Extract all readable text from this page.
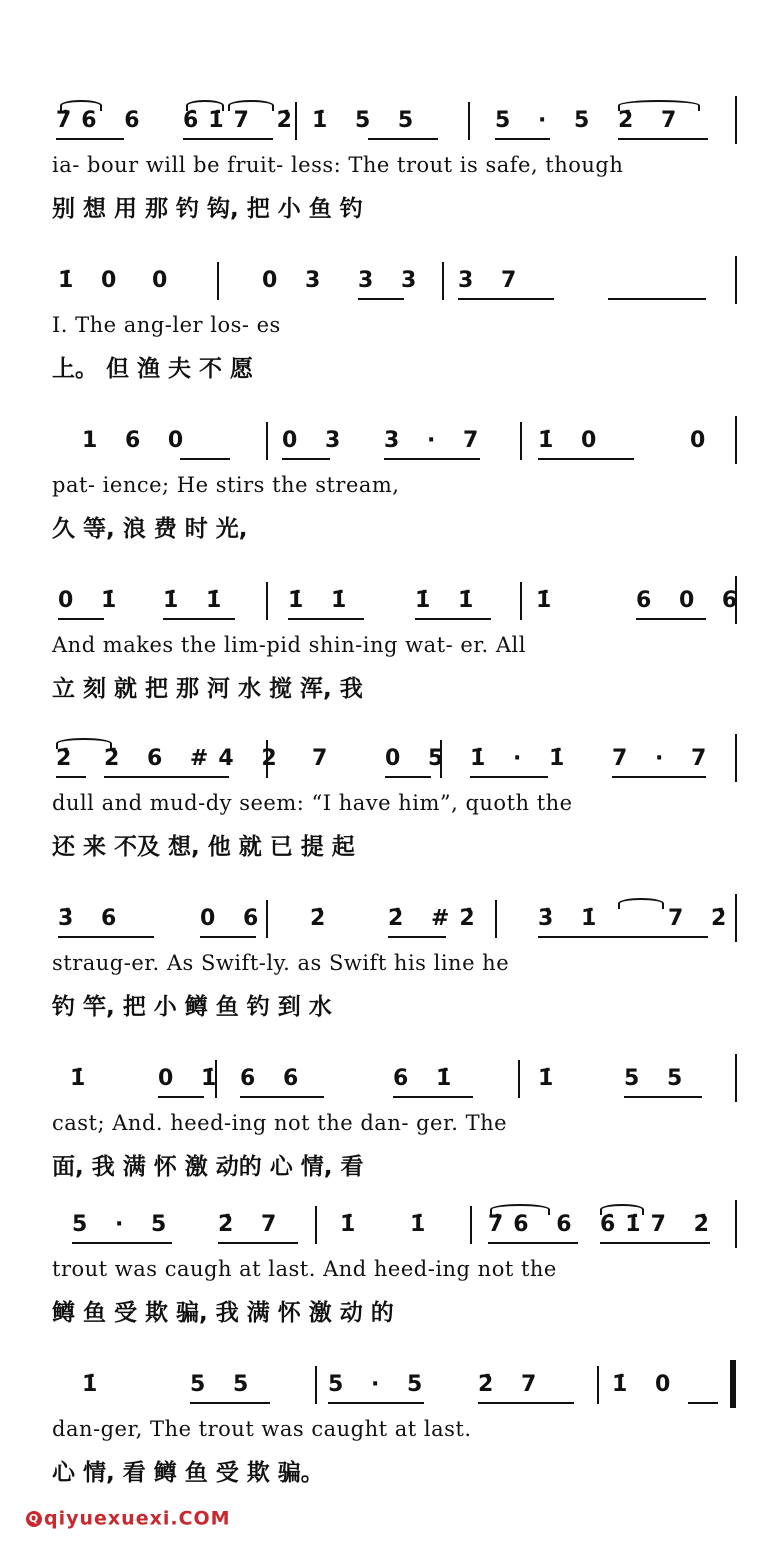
7̇6 6 6̇1̇7 2̇ 1̇ 5 5	5 · 5 2̇ 7
ia- bour will be fruit- less: The trout is safe, though
别 想 用 那 钓 钩, 把 小 鱼 钓
1̇ 0 0	0 3 3 3 3 7
I. The ang-ler los- es
上。 但 渔 夫 不 愿
1 6 0	0 3 3 · 7 1̇ 0	0
pat- ience; He stirs the stream,
久 等, 浪 费 时 光,
0 1̇ 1̇ 1̇	1̇ 1̇	1̇ 1̇ 1̇	6 0 6
And makes the lim-pid shin-ing wat- er. All
立 刻 就 把 那 河 水 搅 浑, 我
2̇ 2̇ 6 #4 2 7 0 5 1̇ · 1̇ 7 · 7
dull and mud-dy seem: “I have him”, quoth the
还 来 不及 想, 他 就 已 提 起
3̇ 6	0 6 2̇ 2̇ #2̇ 3̇ 1̇	7 2̇
straug-er. As Swift-ly. as Swift his line he
钓 竿, 把 小 鳟 鱼 钓 到 水
1̇	0 1̇ 6 6	6 1̇	1̇	5 5
cast; And. heed-ing not the dan- ger. The
面, 我 满 怀 激 动的 心 情, 看
5 · 5 2̇ 7 1̇ 1̇ 7̇6 6 6̇1̇7 2̇
trout was caugh at last. And heed-ing not the
鳟 鱼 受 欺 骗, 我 满 怀 激 动 的
1̇	5 5	5 · 5 2̇ 7	1̇ 0
dan-ger, The trout was caught at last.
心 情, 看 鳟 鱼 受 欺 骗。
Q qiyuexuexi.COM
